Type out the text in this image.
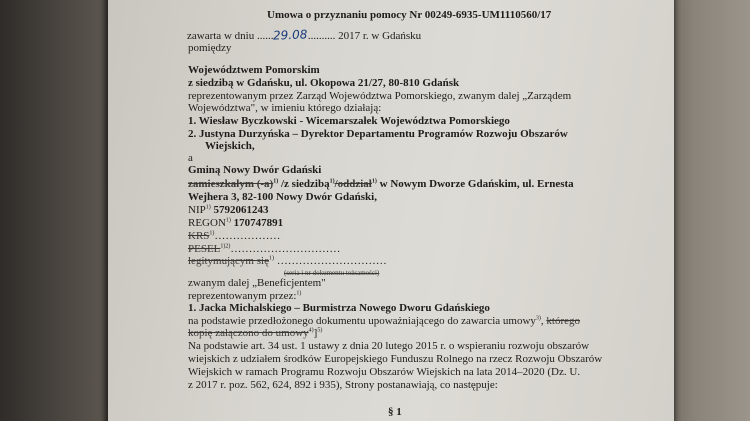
Umowa o przyznaniu pomocy Nr 00249-6935-UM1110560/17
zawarta w dniu ......29.08.......... 2017 r. w Gdańsku
pomiędzy
Województwem Pomorskim
z siedzibą w Gdańsku, ul. Okopowa 21/27, 80-810 Gdańsk
reprezentowanym przez Zarząd Województwa Pomorskiego, zwanym dalej „Zarządem
Województwa", w imieniu którego działają:
1. Wiesław Byczkowski - Wicemarszałek Województwa Pomorskiego
2. Justyna Durzyńska – Dyrektor Departamentu Programów Rozwoju Obszarów
Wiejskich,
a
Gminą Nowy Dwór Gdański
zamieszkałym $(-a)^{1)}$ /z siedzibą$^{1)}$/oddział$^{1)}$ w Nowym Dworze Gdańskim, ul. Ernesta
Wejhera 3, 82-100 Nowy Dwór Gdański,
NIP$^{1)}$ 5792061243
REGON$^{1)}$ 170747891
KRS$^{1)}$………………
$PESEL^{1)2)}\dots\dots\dots\dots\dots\dots\dots\dots\dots\dots$
legitymującym się$^{1)}$ …………………………
(seria i nr dokumentu tożsamości)
zwanym dalej „Beneficjentem"
reprezentowanym przez:$^{1)}$
1. Jacka Michalskiego – Burmistrza Nowego Dworu Gdańskiego
na podstawie przedłożonego dokumentu upoważniającego do zawarcia umowy$^{3)}$, którego
kopię załączono do umowy$^{4)}$]$^{5)}$
Na podstawie art. 34 ust. 1 ustawy z dnia 20 lutego 2015 r. o wspieraniu rozwoju obszarów
wiejskich z udziałem środków Europejskiego Funduszu Rolnego na rzecz Rozwoju Obszarów
Wiejskich w ramach Programu Rozwoju Obszarów Wiejskich na lata 2014–2020 (Dz. U.
z 2017 r. poz. 562, 624, 892 i 935), Strony postanawiają, co następuje:
§ 1
